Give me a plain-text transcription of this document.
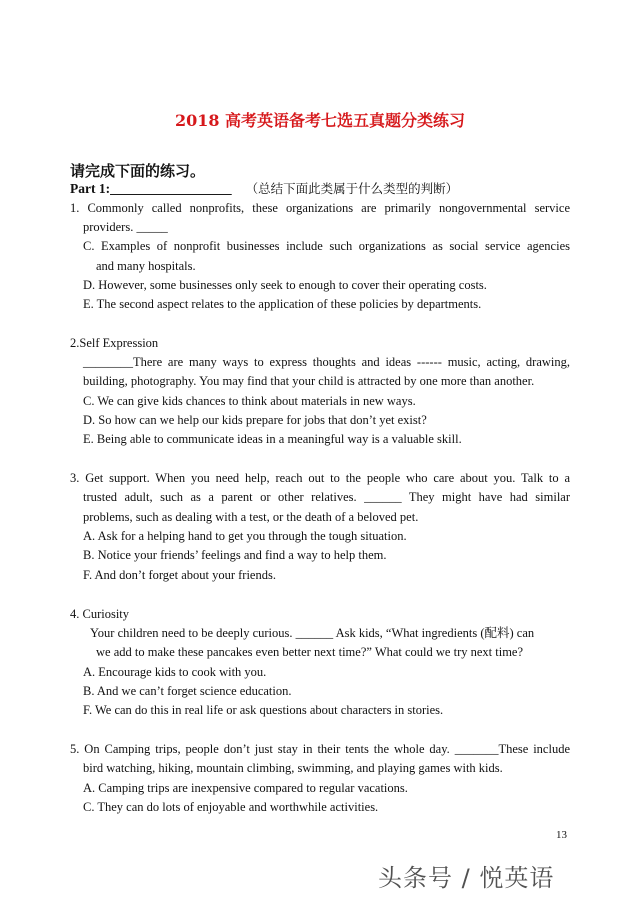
2018 高考英语备考七选五真题分类练习
请完成下面的练习。
Part 1:__________________ （总结下面此类属于什么类型的判断）
1. Commonly called nonprofits, these organizations are primarily nongovernmental service
providers. _____
C. Examples of nonprofit businesses include such organizations as social service agencies
and many hospitals.
D. However, some businesses only seek to enough to cover their operating costs.
E. The second aspect relates to the application of these policies by departments.
2.Self Expression
________There are many ways to express thoughts and ideas ------ music, acting, drawing,
building, photography. You may find that your child is attracted by one more than another.
C. We can give kids chances to think about materials in new ways.
D. So how can we help our kids prepare for jobs that don’t yet exist?
E. Being able to communicate ideas in a meaningful way is a valuable skill.
3. Get support. When you need help, reach out to the people who care about you. Talk to a
trusted adult, such as a parent or other relatives. ______ They might have had similar
problems, such as dealing with a test, or the death of a beloved pet.
A. Ask for a helping hand to get you through the tough situation.
B. Notice your friends’ feelings and find a way to help them.
F. And don’t forget about your friends.
4. Curiosity
Your children need to be deeply curious. ______ Ask kids, “What ingredients (配料) can
we add to make these pancakes even better next time?” What could we try next time?
A. Encourage kids to cook with you.
B. And we can’t forget science education.
F. We can do this in real life or ask questions about characters in stories.
5. On Camping trips, people don’t just stay in their tents the whole day. _______These include
bird watching, hiking, mountain climbing, swimming, and playing games with kids.
A. Camping trips are inexpensive compared to regular vacations.
C. They can do lots of enjoyable and worthwhile activities.
13
头条号 / 悦英语
